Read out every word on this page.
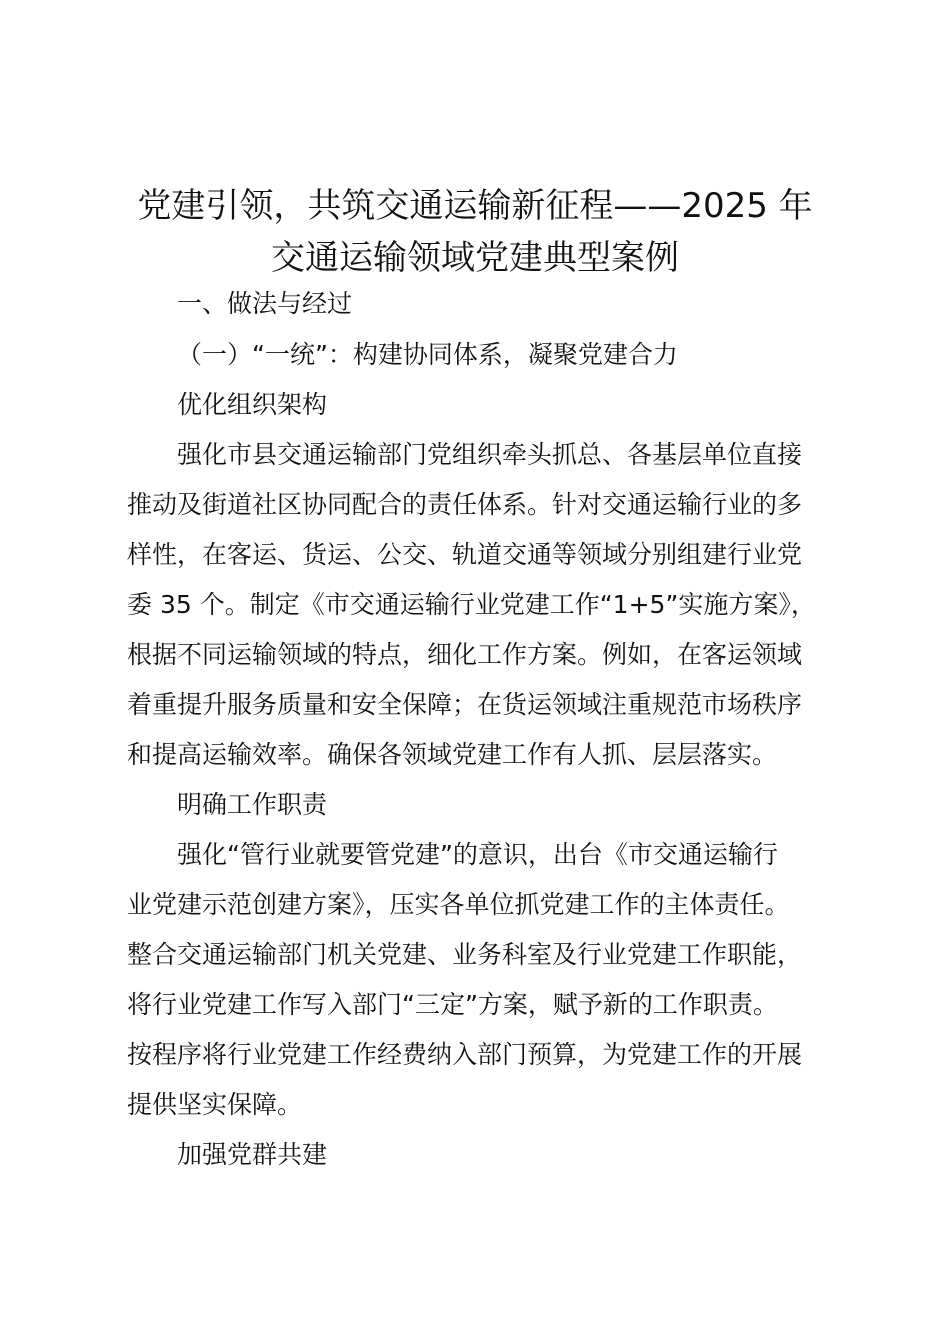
党建引领，共筑交通运输新征程——2025 年
交通运输领域党建典型案例

一、做法与经过

（一）“一统”：构建协同体系，凝聚党建合力

优化组织架构

强化市县交通运输部门党组织牵头抓总、各基层单位直接

推动及街道社区协同配合的责任体系。针对交通运输行业的多

样性，在客运、货运、公交、轨道交通等领域分别组建行业党

委 35 个。制定《市交通运输行业党建工作“1+5”实施方案》，

根据不同运输领域的特点，细化工作方案。例如，在客运领域

着重提升服务质量和安全保障；在货运领域注重规范市场秩序

和提高运输效率。确保各领域党建工作有人抓、层层落实。

明确工作职责

强化“管行业就要管党建”的意识，出台《市交通运输行

业党建示范创建方案》，压实各单位抓党建工作的主体责任。

整合交通运输部门机关党建、业务科室及行业党建工作职能，

将行业党建工作写入部门“三定”方案，赋予新的工作职责。

按程序将行业党建工作经费纳入部门预算，为党建工作的开展

提供坚实保障。

加强党群共建
